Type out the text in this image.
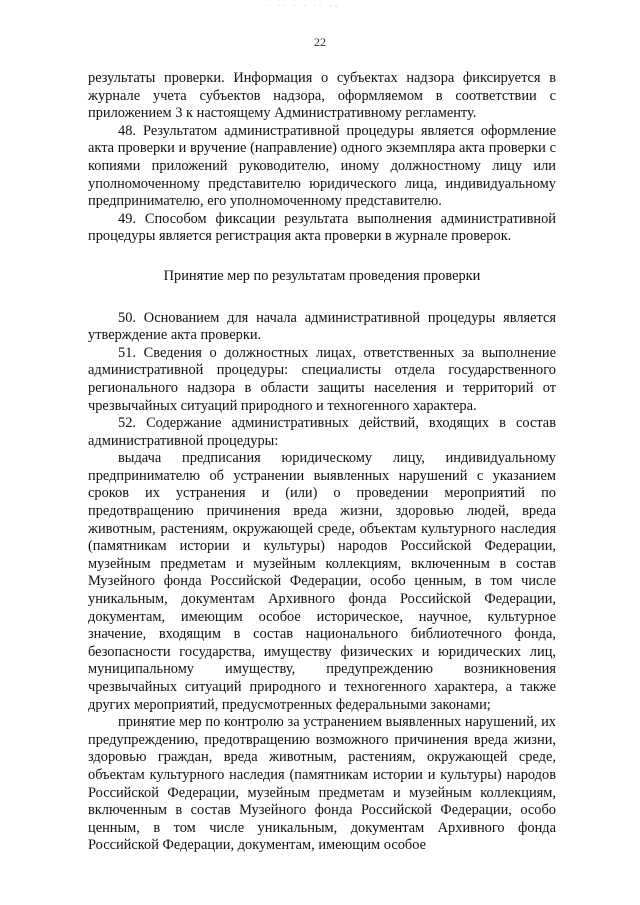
· ·· · · ·· ·–
22

результаты проверки. Информация о субъектах надзора фиксируется в журнале учета субъектов надзора, оформляемом в соответствии с приложением 3 к настоящему Административному регламенту.

48. Результатом административной процедуры является оформление акта проверки и вручение (направление) одного экземпляра акта проверки с копиями приложений руководителю, иному должностному лицу или уполномоченному представителю юридического лица, индивидуальному предпринимателю, его уполномоченному представителю.

49. Способом фиксации результата выполнения административной процедуры является регистрация акта проверки в журнале проверок.

Принятие мер по результатам проведения проверки

50. Основанием для начала административной процедуры является утверждение акта проверки.

51. Сведения о должностных лицах, ответственных за выполнение административной процедуры: специалисты отдела государственного регионального надзора в области защиты населения и территорий от чрезвычайных ситуаций природного и техногенного характера.

52. Содержание административных действий, входящих в состав административной процедуры:

выдача предписания юридическому лицу, индивидуальному предпринимателю об устранении выявленных нарушений с указанием сроков их устранения и (или) о проведении мероприятий по предотвращению причинения вреда жизни, здоровью людей, вреда животным, растениям, окружающей среде, объектам культурного наследия (памятникам истории и культуры) народов Российской Федерации, музейным предметам и музейным коллекциям, включенным в состав Музейного фонда Российской Федерации, особо ценным, в том числе уникальным, документам Архивного фонда Российской Федерации, документам, имеющим особое историческое, научное, культурное значение, входящим в состав национального библиотечного фонда, безопасности государства, имуществу физических и юридических лиц, муниципальному имуществу, предупреждению возникновения чрезвычайных ситуаций природного и техногенного характера, а также других мероприятий, предусмотренных федеральными законами;

принятие мер по контролю за устранением выявленных нарушений, их предупреждению, предотвращению возможного причинения вреда жизни, здоровью граждан, вреда животным, растениям, окружающей среде, объектам культурного наследия (памятникам истории и культуры) народов Российской Федерации, музейным предметам и музейным коллекциям, включенным в состав Музейного фонда Российской Федерации, особо ценным, в том числе уникальным, документам Архивного фонда Российской Федерации, документам, имеющим особое
